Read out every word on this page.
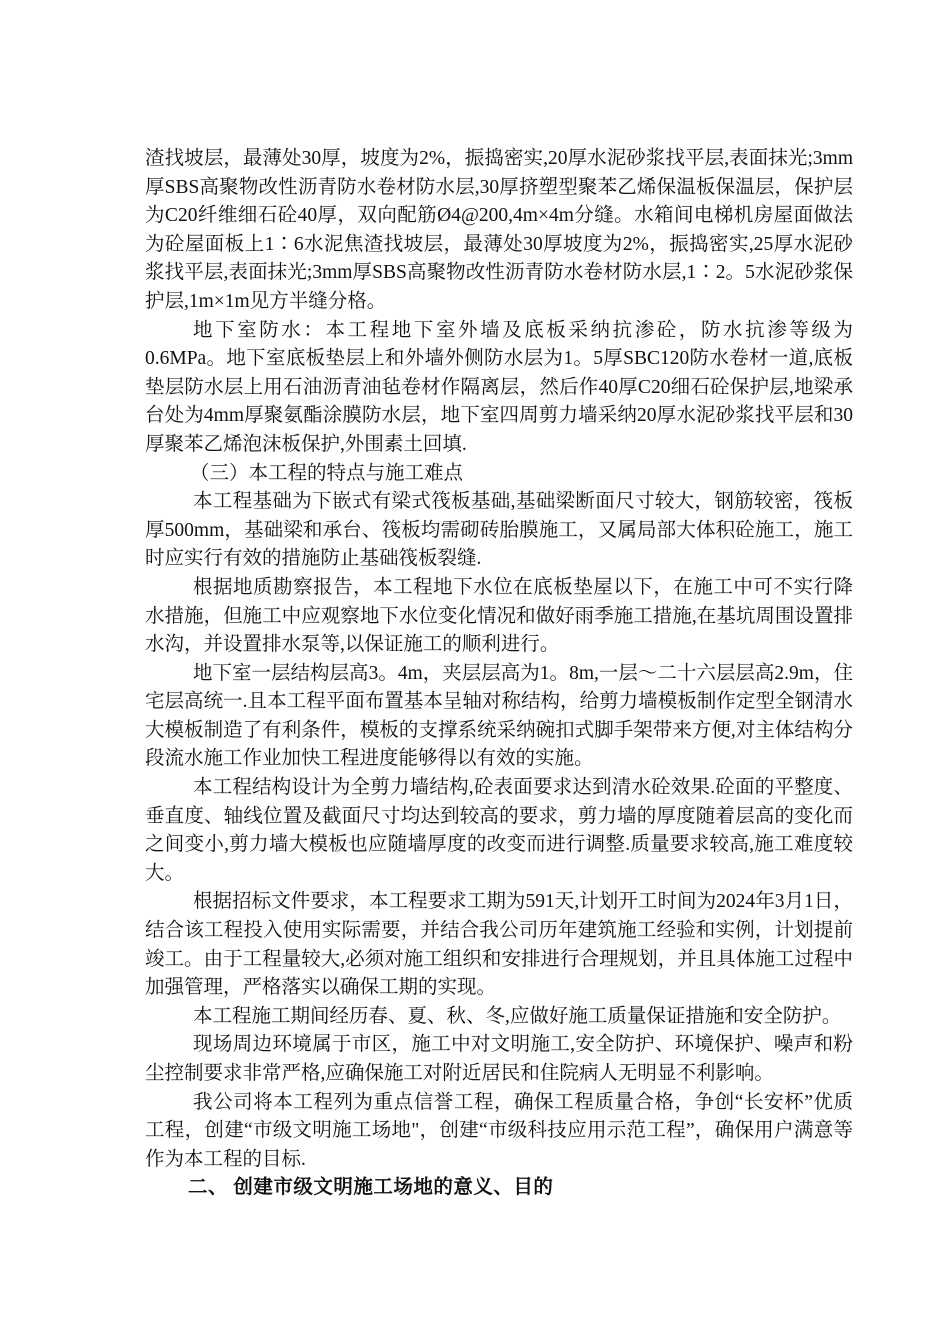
渣找坡层，最薄处30厚，坡度为2%，振捣密实,20厚水泥砂浆找平层,表面抹光;3mm厚SBS高聚物改性沥青防水卷材防水层,30厚挤塑型聚苯乙烯保温板保温层，保护层为C20纤维细石砼40厚，双向配筋Ø4@200,4m×4m分缝。水箱间电梯机房屋面做法为砼屋面板上1∶6水泥焦渣找坡层，最薄处30厚坡度为2%，振捣密实,25厚水泥砂浆找平层,表面抹光;3mm厚SBS高聚物改性沥青防水卷材防水层,1∶2。5水泥砂浆保护层,1m×1m见方半缝分格。

地下室防水：本工程地下室外墙及底板采纳抗渗砼，防水抗渗等级为0.6MPa。地下室底板垫层上和外墙外侧防水层为1。5厚SBC120防水卷材一道,底板垫层防水层上用石油沥青油毡卷材作隔离层，然后作40厚C20细石砼保护层,地梁承台处为4mm厚聚氨酯涂膜防水层，地下室四周剪力墙采纳20厚水泥砂浆找平层和30厚聚苯乙烯泡沫板保护,外围素土回填.

（三）本工程的特点与施工难点

本工程基础为下嵌式有梁式筏板基础,基础梁断面尺寸较大，钢筋较密，筏板厚500mm，基础梁和承台、筏板均需砌砖胎膜施工，又属局部大体积砼施工，施工时应实行有效的措施防止基础筏板裂缝.

根据地质勘察报告，本工程地下水位在底板垫屋以下，在施工中可不实行降水措施，但施工中应观察地下水位变化情况和做好雨季施工措施,在基坑周围设置排水沟，并设置排水泵等,以保证施工的顺利进行。

地下室一层结构层高3。4m，夹层层高为1。8m,一层～二十六层层高2.9m，住宅层高统一.且本工程平面布置基本呈轴对称结构，给剪力墙模板制作定型全钢清水大模板制造了有利条件，模板的支撑系统采纳碗扣式脚手架带来方便,对主体结构分段流水施工作业加快工程进度能够得以有效的实施。

本工程结构设计为全剪力墙结构,砼表面要求达到清水砼效果.砼面的平整度、垂直度、轴线位置及截面尺寸均达到较高的要求，剪力墙的厚度随着层高的变化而之间变小,剪力墙大模板也应随墙厚度的改变而进行调整.质量要求较高,施工难度较大。

根据招标文件要求，本工程要求工期为591天,计划开工时间为2024年3月1日，结合该工程投入使用实际需要，并结合我公司历年建筑施工经验和实例，计划提前竣工。由于工程量较大,必须对施工组织和安排进行合理规划，并且具体施工过程中加强管理，严格落实以确保工期的实现。

本工程施工期间经历春、夏、秋、冬,应做好施工质量保证措施和安全防护。

现场周边环境属于市区，施工中对文明施工,安全防护、环境保护、噪声和粉尘控制要求非常严格,应确保施工对附近居民和住院病人无明显不利影响。

我公司将本工程列为重点信誉工程，确保工程质量合格，争创“长安杯”优质工程，创建“市级文明施工场地"，创建“市级科技应用示范工程”，确保用户满意等作为本工程的目标.

二、 创建市级文明施工场地的意义、目的
